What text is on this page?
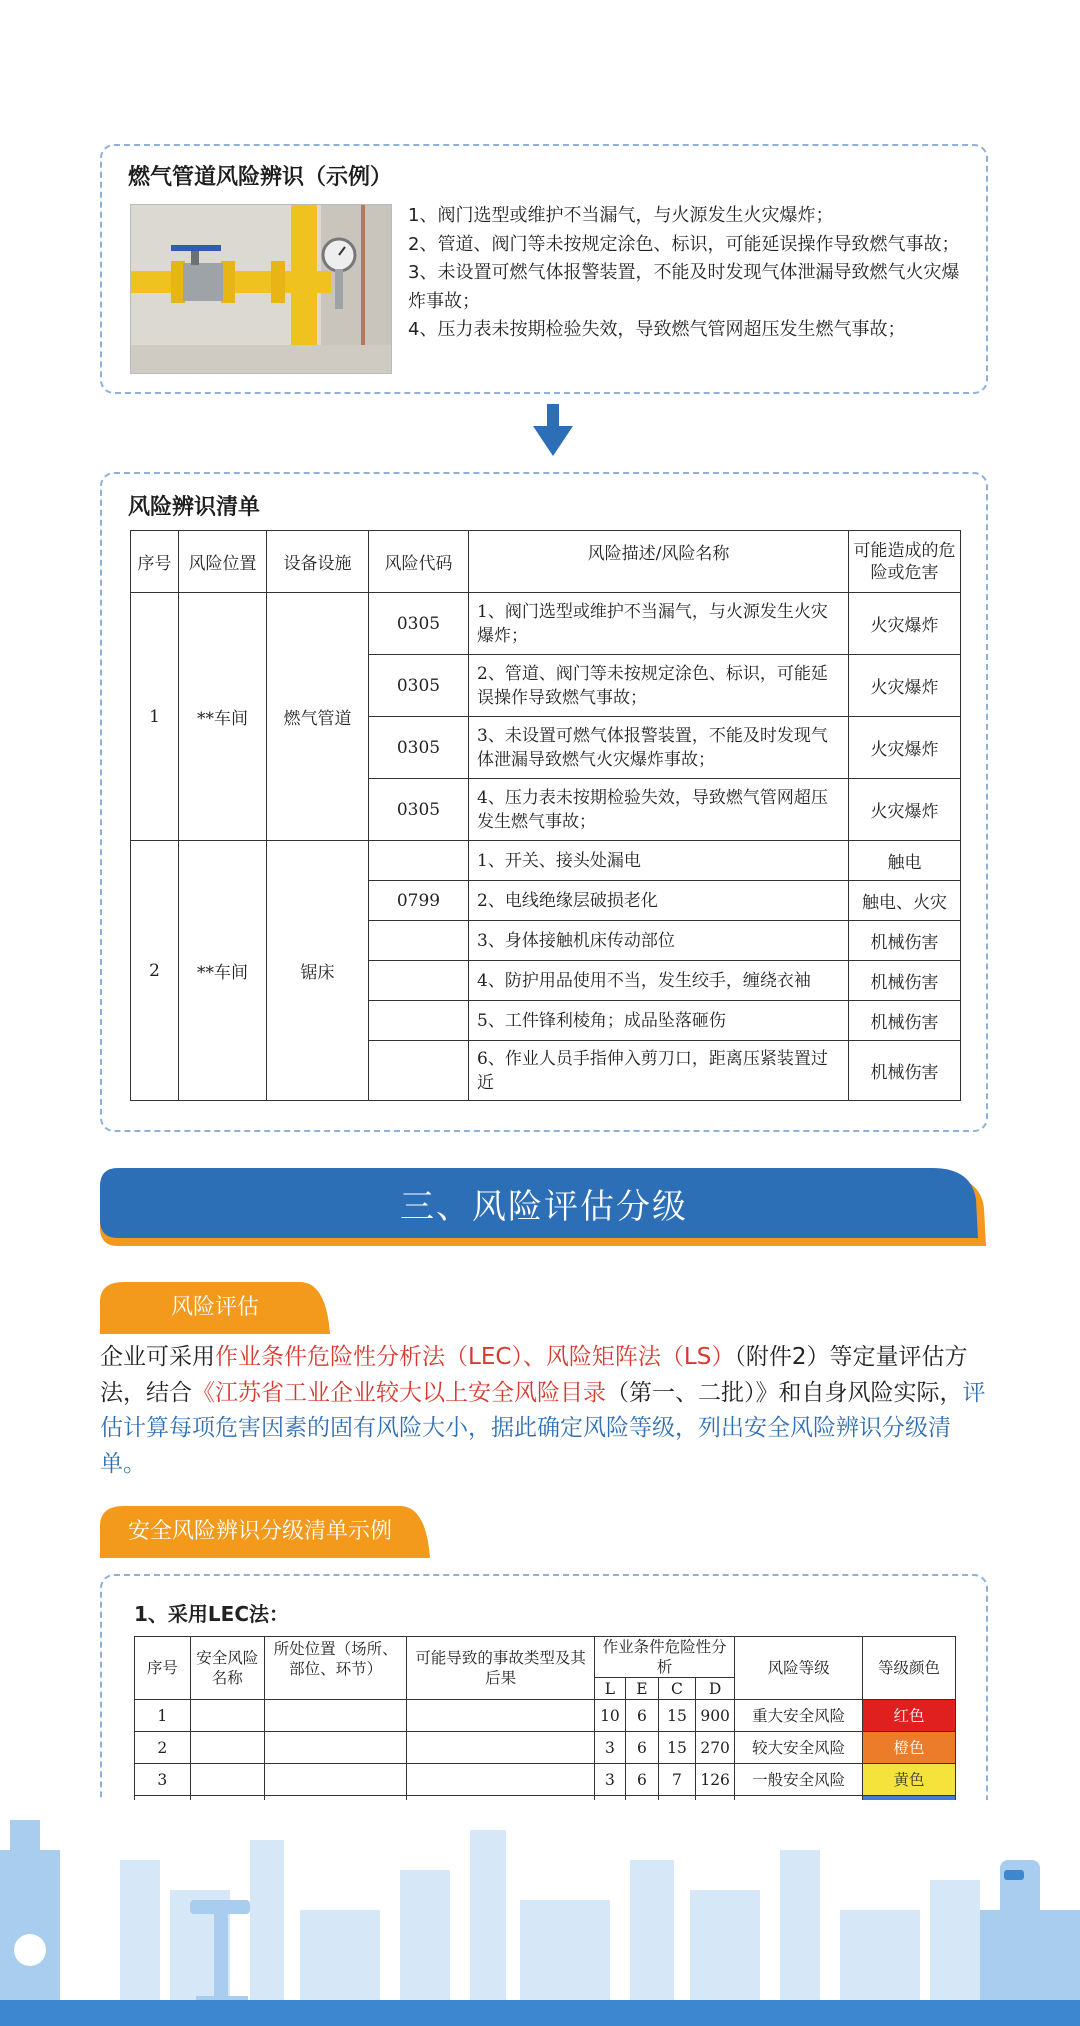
燃气管道风险辨识（示例）
1、阀门选型或维护不当漏气，与火源发生火灾爆炸；
2、管道、阀门等未按规定涂色、标识，可能延误操作导致燃气事故；
3、未设置可燃气体报警装置，不能及时发现气体泄漏导致燃气火灾爆炸事故；
4、压力表未按期检验失效，导致燃气管网超压发生燃气事故；
风险辨识清单
序号	风险位置	设备设施	风险代码	风险描述/风险名称	可能造成的危险或危害
1	**车间	燃气管道	0305	1、阀门选型或维护不当漏气，与火源发生火灾爆炸；	火灾爆炸
			0305	2、管道、阀门等未按规定涂色、标识，可能延误操作导致燃气事故；	火灾爆炸
			0305	3、未设置可燃气体报警装置，不能及时发现气体泄漏导致燃气火灾爆炸事故；	火灾爆炸
			0305	4、压力表未按期检验失效，导致燃气管网超压发生燃气事故；	火灾爆炸
2	**车间	锯床		1、开关、接头处漏电	触电
			0799	2、电线绝缘层破损老化	触电、火灾
				3、身体接触机床传动部位	机械伤害
				4、防护用品使用不当，发生绞手，缠绕衣袖	机械伤害
				5、工件锋利棱角；成品坠落砸伤	机械伤害
				6、作业人员手指伸入剪刀口，距离压紧装置过近	机械伤害
三、风险评估分级
风险评估
企业可采用作业条件危险性分析法（LEC）、风险矩阵法（LS）（附件2）等定量评估方法，结合《江苏省工业企业较大以上安全风险目录（第一、二批）》和自身风险实际，评估计算每项危害因素的固有风险大小，据此确定风险等级，列出安全风险辨识分级清单。
安全风险辨识分级清单示例
1、采用LEC法：
序号	安全风险名称	所处位置（场所、部位、环节）	可能导致的事故类型及其后果	作业条件危险性分析				风险等级	等级颜色
				L	E	C	D		
1				10	6	15	900	重大安全风险	红色
2				3	6	15	270	较大安全风险	橙色
3				3	6	7	126	一般安全风险	黄色
